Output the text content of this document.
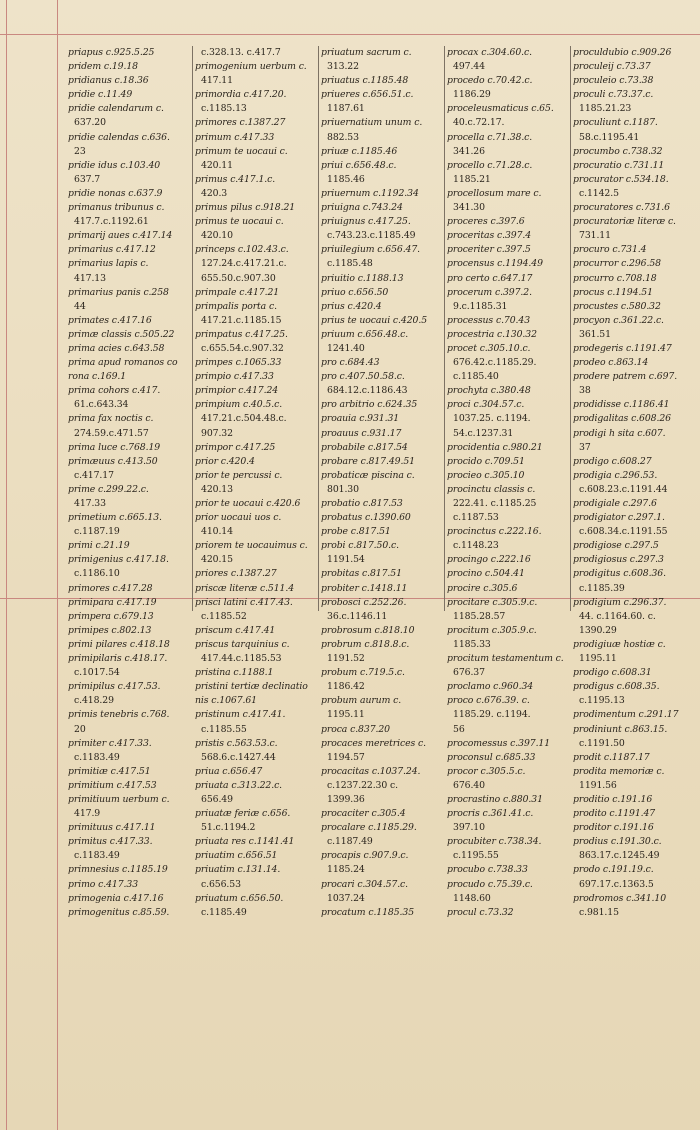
priapus c.925.5.25
pridem c.19.18
pridianus c.18.36
pridie c.11.49
pridie calendarum c.
637.20
pridie calendas c.636.
23
pridie idus c.103.40
637.7
pridie nonas c.637.9
primanus tribunus c.
417.7.c.1192.61
primarij aues c.417.14
primarius c.417.12
primarius lapis c.
417.13
primarius panis c.258
44
primates c.417.16
primæ classis c.505.22
prima acies c.643.58
prima apud romanos co
rona c.169.1
prima cohors c.417.
61.c.643.34
prima fax noctis c.
274.59.c.471.57
prima luce c.768.19
primæuus c.413.50
c.417.17
prime c.299.22.c.
417.33
primetium c.665.13.
c.1187.19
primi c.21.19
primigenius c.417.18.
c.1186.10
primores c.417.28
primipara c.417.19
primpera c.679.13
primipes c.802.13
primi pilares c.418.18
primipilaris c.418.17.
c.1017.54
primipilus c.417.53.
c.418.29
primis tenebris c.768.
20
primiter c.417.33.
c.1183.49
primitiæ c.417.51
primitium c.417.53
primitiuum uerbum c.
417.9
primituus c.417.11
primitus c.417.33.
c.1183.49
primnesius c.1185.19
primo c.417.33
primogenia c.417.16
primogenitus c.85.59.
c.328.13. c.417.7
primogenium uerbum c.
417.11
primordia c.417.20.
c.1185.13
primores c.1387.27
primum c.417.33
primum te uocaui c.
420.11
primus c.417.1.c.
420.3
primus pilus c.918.21
primus te uocaui c.
420.10
princeps c.102.43.c.
127.24.c.417.21.c.
655.50.c.907.30
primpale c.417.21
primpalis porta c.
417.21.c.1185.15
primpatus c.417.25.
c.655.54.c.907.32
primpes c.1065.33
primpio c.417.33
primpior c.417.24
primpium c.40.5.c.
417.21.c.504.48.c.
907.32
primpor c.417.25
prior c.420.4
prior te percussi c.
420.13
prior te uocaui c.420.6
prior uocaui uos c.
410.14
priorem te uocauimus c.
420.15
priores c.1387.27
priscæ literæ c.511.4
prisci latini c.417.43.
c.1185.52
priscum c.417.41
priscus tarquinius c.
417.44.c.1185.53
pristina c.1188.1
pristini tertiæ declinatio
nis c.1067.61
pristinum c.417.41.
c.1185.55
pristis c.563.53.c.
568.6.c.1427.44
priua c.656.47
priuata c.313.22.c.
656.49
priuatæ feriæ c.656.
51.c.1194.2
priuata res c.1141.41
priuatim c.656.51
priuatim c.131.14.
c.656.53
priuatum c.656.50.
c.1185.49
priuatum sacrum c.
313.22
priuatus c.1185.48
priueres c.656.51.c.
1187.61
priuernatium unum c.
882.53
priuæ c.1185.46
priui c.656.48.c.
1185.46
priuernum c.1192.34
priuigna c.743.24
priuignus c.417.25.
c.743.23.c.1185.49
priuilegium c.656.47.
c.1185.48
priuitio c.1188.13
priuo c.656.50
prius c.420.4
prius te uocaui c.420.5
priuum c.656.48.c.
1241.40
pro c.684.43
pro c.407.50.58.c.
684.12.c.1186.43
pro arbitrio c.624.35
proauia c.931.31
proauus c.931.17
probabile c.817.54
probare c.817.49.51
probaticæ piscina c.
801.30
probatio c.817.53
probatus c.1390.60
probe c.817.51
probi c.817.50.c.
1191.54
probitas c.817.51
probiter c.1418.11
probosci c.252.26.
36.c.1146.11
probrosum c.818.10
probrum c.818.8.c.
1191.52
probum c.719.5.c.
1186.42
probum aurum c.
1195.11
proca c.837.20
procaces meretrices c.
1194.57
procacitas c.1037.24.
c.1237.22.30 c.
1399.36
procaciter c.305.4
procalare c.1185.29.
c.1187.49
procapis c.907.9.c.
1185.24
procari c.304.57.c.
1037.24
procatum c.1185.35
procax c.304.60.c.
497.44
procedo c.70.42.c.
1186.29
proceleusmaticus c.65.
40.c.72.17.
procella c.71.38.c.
341.26
procello c.71.28.c.
1185.21
procellosum mare c.
341.30
proceres c.397.6
proceritas c.397.4
proceriter c.397.5
procensus c.1194.49
pro certo c.647.17
procerum c.397.2.
9.c.1185.31
processus c.70.43
procestria c.130.32
procet c.305.10.c.
676.42.c.1185.29.
c.1185.40
prochyta c.380.48
proci c.304.57.c.
1037.25. c.1194.
54.c.1237.31
procidentia c.980.21
procido c.709.51
procieo c.305.10
procinctu classis c.
222.41. c.1185.25
c.1187.53
procinctus c.222.16.
c.1148.23
procingo c.222.16
procino c.504.41
procire c.305.6
procitare c.305.9.c.
1185.28.57
procitum c.305.9.c.
1185.33
procitum testamentum c.
676.37
proclamo c.960.34
proco c.676.39. c.
1185.29. c.1194.
56
procomessus c.397.11
proconsul c.685.33
procor c.305.5.c.
676.40
procrastino c.880.31
procris c.361.41.c.
397.10
procubiter c.738.34.
c.1195.55
procubo c.738.33
procudo c.75.39.c.
1148.60
procul c.73.32
proculdubio c.909.26
proculeij c.73.37
proculeio c.73.38
proculi c.73.37.c.
1185.21.23
proculiunt c.1187.
58.c.1195.41
procumbo c.738.32
procuratio c.731.11
procurator c.534.18.
c.1142.5
procuratores c.731.6
procuratoriæ literæ c.
731.11
procuro c.731.4
procurror c.296.58
procurro c.708.18
procus c.1194.51
procustes c.580.32
procyon c.361.22.c.
361.51
prodegeris c.1191.47
prodeo c.863.14
prodere patrem c.697.
38
prodidisse c.1186.41
prodigalitas c.608.26
prodigi h sita c.607.
37
prodigo c.608.27
prodigia c.296.53.
c.608.23.c.1191.44
prodigiale c.297.6
prodigiator c.297.1.
c.608.34.c.1191.55
prodigiose c.297.5
prodigiosus c.297.3
prodigitus c.608.36.
c.1185.39
prodigium c.296.37.
44. c.1164.60. c.
1390.29
prodigiuæ hostiæ c.
1195.11
prodigo c.608.31
prodigus c.608.35.
c.1195.13
prodimentum c.291.17
prodiniunt c.863.15.
c.1191.50
prodit c.1187.17
prodita memoriæ c.
1191.56
proditio c.191.16
prodito c.1191.47
proditor c.191.16
prodius c.191.30.c.
863.17.c.1245.49
prodo c.191.19.c.
697.17.c.1363.5
prodromos c.341.10
c.981.15
